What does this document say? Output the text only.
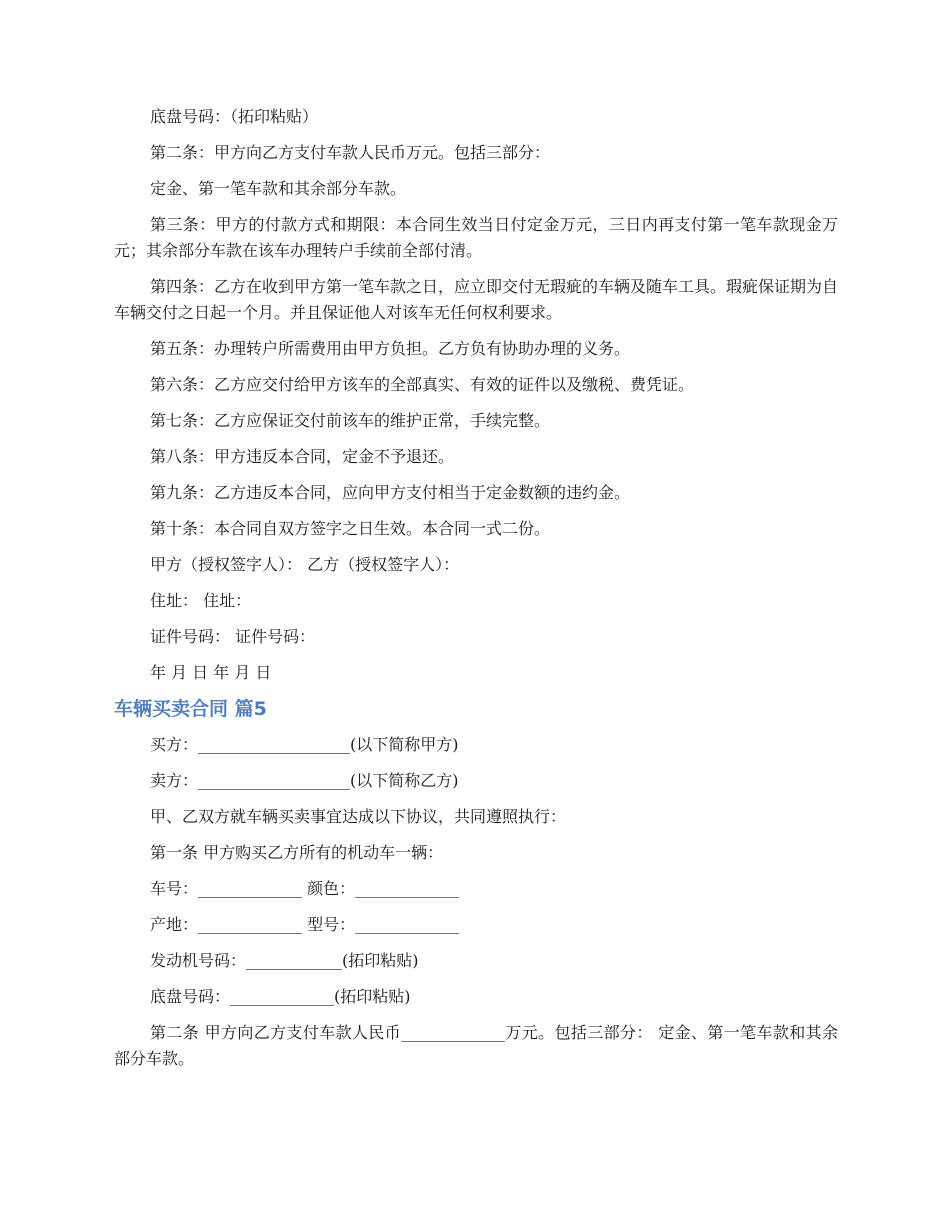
底盘号码：（拓印粘贴）

第二条：甲方向乙方支付车款人民币万元。包括三部分：

定金、第一笔车款和其余部分车款。

第三条：甲方的付款方式和期限：本合同生效当日付定金万元，三日内再支付第一笔车款现金万元；其余部分车款在该车办理转户手续前全部付清。

第四条：乙方在收到甲方第一笔车款之日，应立即交付无瑕疵的车辆及随车工具。瑕疵保证期为自车辆交付之日起一个月。并且保证他人对该车无任何权利要求。

第五条：办理转户所需费用由甲方负担。乙方负有协助办理的义务。

第六条：乙方应交付给甲方该车的全部真实、有效的证件以及缴税、费凭证。

第七条：乙方应保证交付前该车的维护正常，手续完整。

第八条：甲方违反本合同，定金不予退还。

第九条：乙方违反本合同，应向甲方支付相当于定金数额的违约金。

第十条：本合同自双方签字之日生效。本合同一式二份。

甲方（授权签字人）： 乙方（授权签字人）：

住址： 住址：

证件号码： 证件号码：

年 月 日 年 月 日

车辆买卖合同 篇5

买方：___________________(以下简称甲方)

卖方：___________________(以下简称乙方)

甲、乙双方就车辆买卖事宜达成以下协议，共同遵照执行：

第一条 甲方购买乙方所有的机动车一辆：

车号：_____________ 颜色：_____________

产地：_____________ 型号：_____________

发动机号码：____________(拓印粘贴)

底盘号码：_____________(拓印粘贴)

第二条 甲方向乙方支付车款人民币_____________万元。包括三部分： 定金、第一笔车款和其余部分车款。
